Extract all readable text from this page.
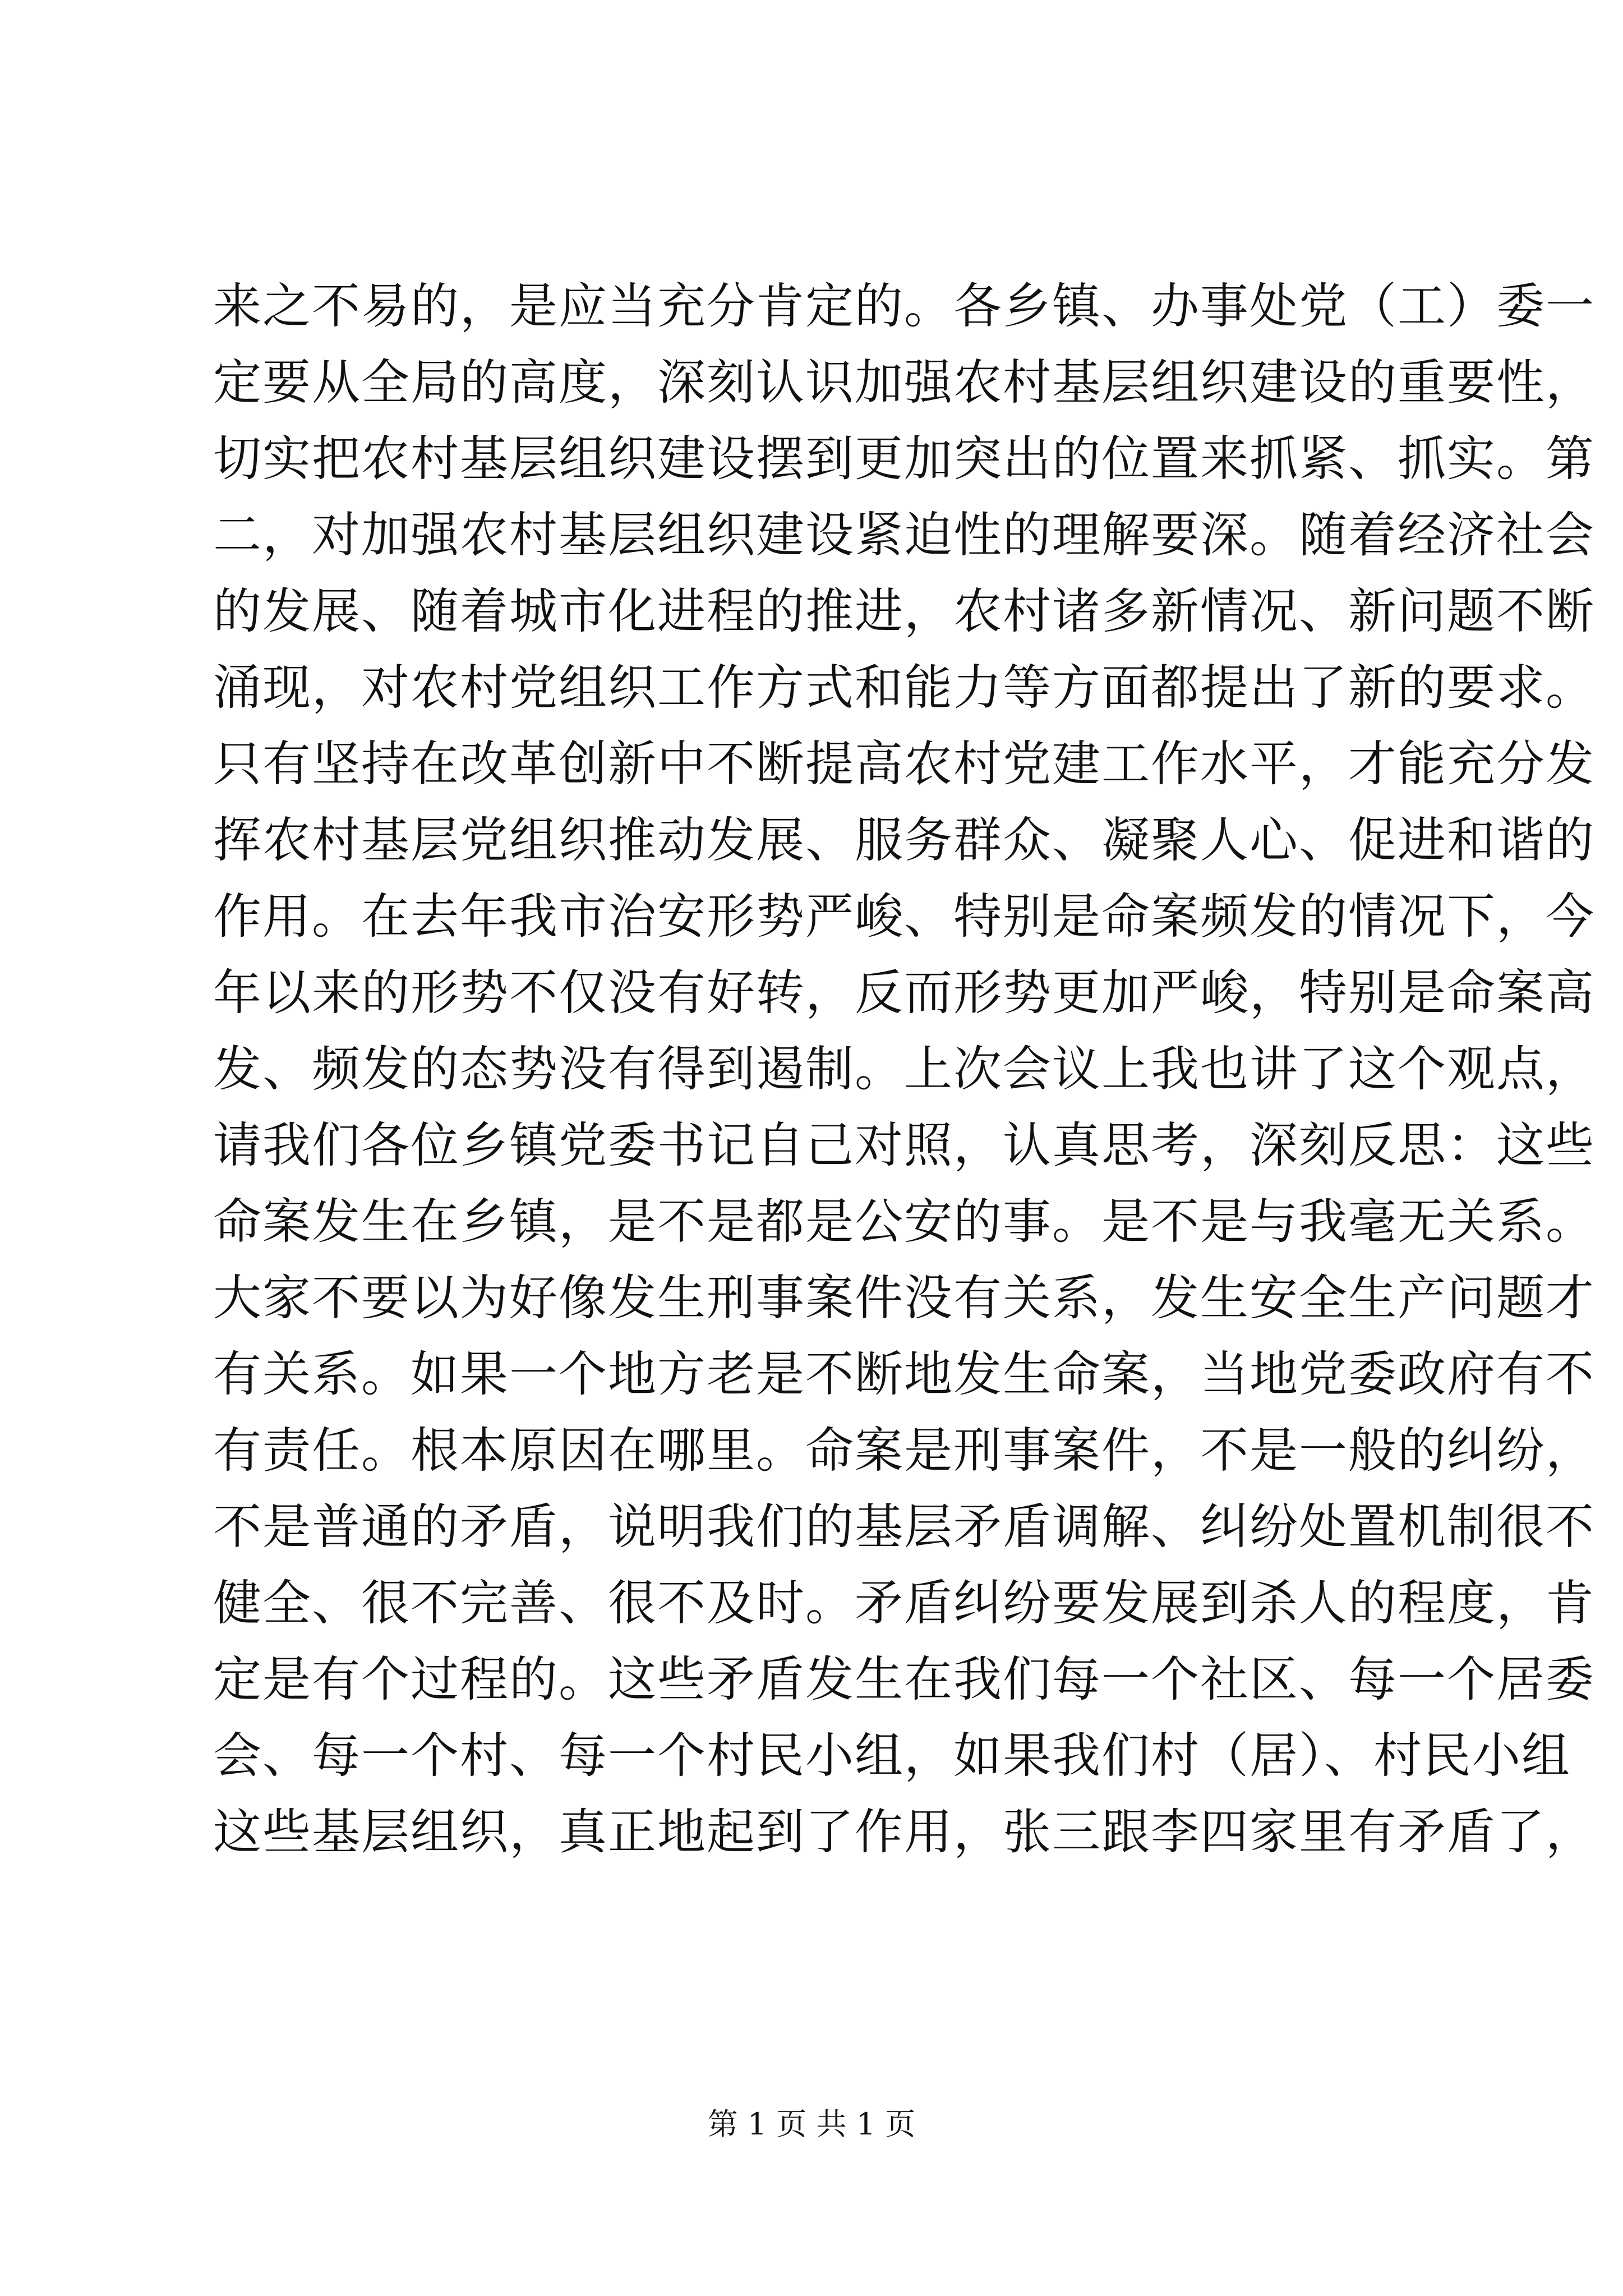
来之不易的，是应当充分肯定的。各乡镇、办事处党（工）委一
定要从全局的高度，深刻认识加强农村基层组织建设的重要性，
切实把农村基层组织建设摆到更加突出的位置来抓紧、抓实。第
二，对加强农村基层组织建设紧迫性的理解要深。随着经济社会
的发展、随着城市化进程的推进，农村诸多新情况、新问题不断
涌现，对农村党组织工作方式和能力等方面都提出了新的要求。
只有坚持在改革创新中不断提高农村党建工作水平，才能充分发
挥农村基层党组织推动发展、服务群众、凝聚人心、促进和谐的
作用。在去年我市治安形势严峻、特别是命案频发的情况下，今
年以来的形势不仅没有好转，反而形势更加严峻，特别是命案高
发、频发的态势没有得到遏制。上次会议上我也讲了这个观点，
请我们各位乡镇党委书记自己对照，认真思考，深刻反思：这些
命案发生在乡镇，是不是都是公安的事。是不是与我毫无关系。
大家不要以为好像发生刑事案件没有关系，发生安全生产问题才
有关系。如果一个地方老是不断地发生命案，当地党委政府有不
有责任。根本原因在哪里。命案是刑事案件，不是一般的纠纷，
不是普通的矛盾，说明我们的基层矛盾调解、纠纷处置机制很不
健全、很不完善、很不及时。矛盾纠纷要发展到杀人的程度，肯
定是有个过程的。这些矛盾发生在我们每一个社区、每一个居委
会、每一个村、每一个村民小组，如果我们村（居）、村民小组
这些基层组织，真正地起到了作用，张三跟李四家里有矛盾了，
第 1 页 共 1 页
